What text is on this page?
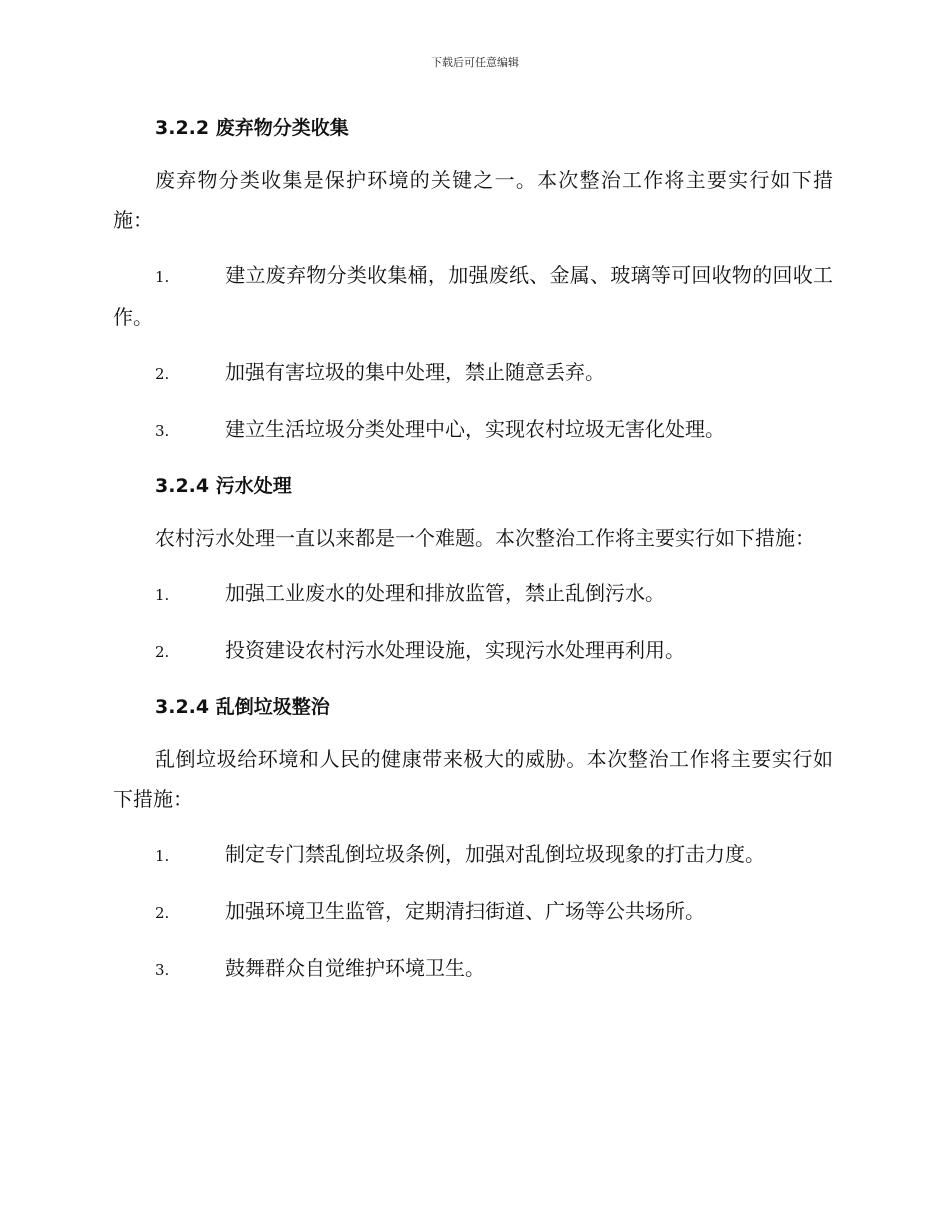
下载后可任意编辑
3.2.2 废弃物分类收集
废弃物分类收集是保护环境的关键之一。本次整治工作将主要实行如下措施：
1.	建立废弃物分类收集桶，加强废纸、金属、玻璃等可回收物的回收工作。
2.	加强有害垃圾的集中处理，禁止随意丢弃。
3.	建立生活垃圾分类处理中心，实现农村垃圾无害化处理。
3.2.4 污水处理
农村污水处理一直以来都是一个难题。本次整治工作将主要实行如下措施：
1.	加强工业废水的处理和排放监管，禁止乱倒污水。
2.	投资建设农村污水处理设施，实现污水处理再利用。
3.2.4 乱倒垃圾整治
乱倒垃圾给环境和人民的健康带来极大的威胁。本次整治工作将主要实行如下措施：
1.	制定专门禁乱倒垃圾条例，加强对乱倒垃圾现象的打击力度。
2.	加强环境卫生监管，定期清扫街道、广场等公共场所。
3.	鼓舞群众自觉维护环境卫生。
